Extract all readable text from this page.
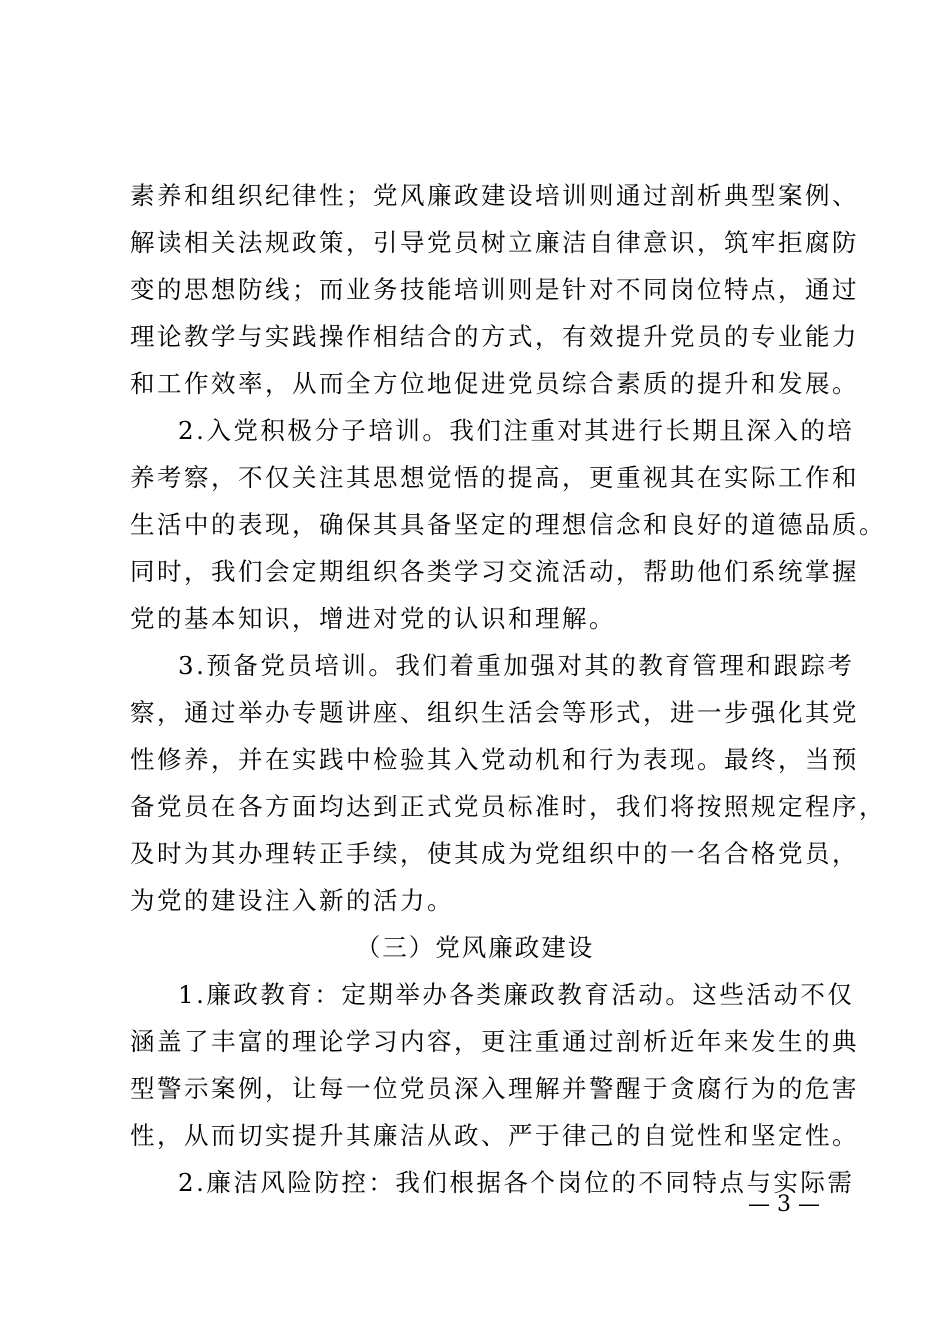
素养和组织纪律性；党风廉政建设培训则通过剖析典型案例、
解读相关法规政策，引导党员树立廉洁自律意识，筑牢拒腐防
变的思想防线；而业务技能培训则是针对不同岗位特点，通过
理论教学与实践操作相结合的方式，有效提升党员的专业能力
和工作效率，从而全方位地促进党员综合素质的提升和发展。
2.入党积极分子培训。我们注重对其进行长期且深入的培
养考察，不仅关注其思想觉悟的提高，更重视其在实际工作和
生活中的表现，确保其具备坚定的理想信念和良好的道德品质。
同时，我们会定期组织各类学习交流活动，帮助他们系统掌握
党的基本知识，增进对党的认识和理解。
3.预备党员培训。我们着重加强对其的教育管理和跟踪考
察，通过举办专题讲座、组织生活会等形式，进一步强化其党
性修养，并在实践中检验其入党动机和行为表现。最终，当预
备党员在各方面均达到正式党员标准时，我们将按照规定程序，
及时为其办理转正手续，使其成为党组织中的一名合格党员，
为党的建设注入新的活力。
（三）党风廉政建设
1.廉政教育：定期举办各类廉政教育活动。这些活动不仅
涵盖了丰富的理论学习内容，更注重通过剖析近年来发生的典
型警示案例，让每一位党员深入理解并警醒于贪腐行为的危害
性，从而切实提升其廉洁从政、严于律己的自觉性和坚定性。
2.廉洁风险防控：我们根据各个岗位的不同特点与实际需
— 3 —
